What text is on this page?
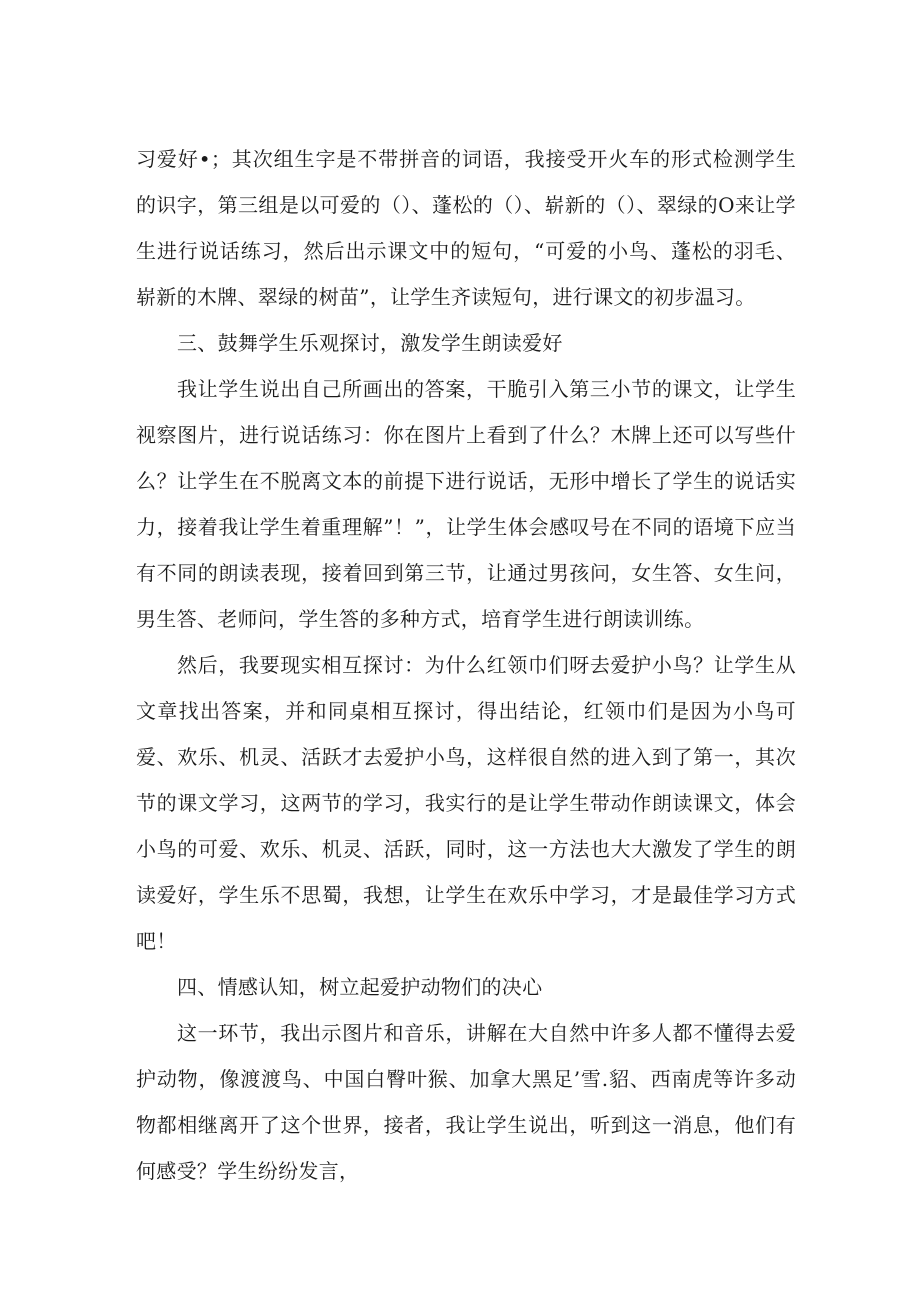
习爱好•；其次组生字是不带拼音的词语，我接受开火车的形式检测学生的识字，第三组是以可爱的（）、蓬松的（）、崭新的（）、翠绿的O来让学生进行说话练习，然后出示课文中的短句，“可爱的小鸟、蓬松的羽毛、崭新的木牌、翠绿的树苗”，让学生齐读短句，进行课文的初步温习。

三、鼓舞学生乐观探讨，激发学生朗读爱好

我让学生说出自己所画出的答案，干脆引入第三小节的课文，让学生视察图片，进行说话练习：你在图片上看到了什么？木牌上还可以写些什么？让学生在不脱离文本的前提下进行说话，无形中增长了学生的说话实力，接着我让学生着重理解”！”，让学生体会感叹号在不同的语境下应当有不同的朗读表现，接着回到第三节，让通过男孩问，女生答、女生问，男生答、老师问，学生答的多种方式，培育学生进行朗读训练。

然后，我要现实相互探讨：为什么红领巾们呀去爱护小鸟？让学生从文章找出答案，并和同桌相互探讨，得出结论，红领巾们是因为小鸟可爱、欢乐、机灵、活跃才去爱护小鸟，这样很自然的进入到了第一，其次节的课文学习，这两节的学习，我实行的是让学生带动作朗读课文，体会小鸟的可爱、欢乐、机灵、活跃，同时，这一方法也大大激发了学生的朗读爱好，学生乐不思蜀，我想，让学生在欢乐中学习，才是最佳学习方式吧！

四、情感认知，树立起爱护动物们的决心

这一环节，我出示图片和音乐，讲解在大自然中许多人都不懂得去爱护动物，像渡渡鸟、中国白臀叶猴、加拿大黑足’雪.貂、西南虎等许多动物都相继离开了这个世界，接者，我让学生说出，听到这一消息，他们有何感受？学生纷纷发言，
